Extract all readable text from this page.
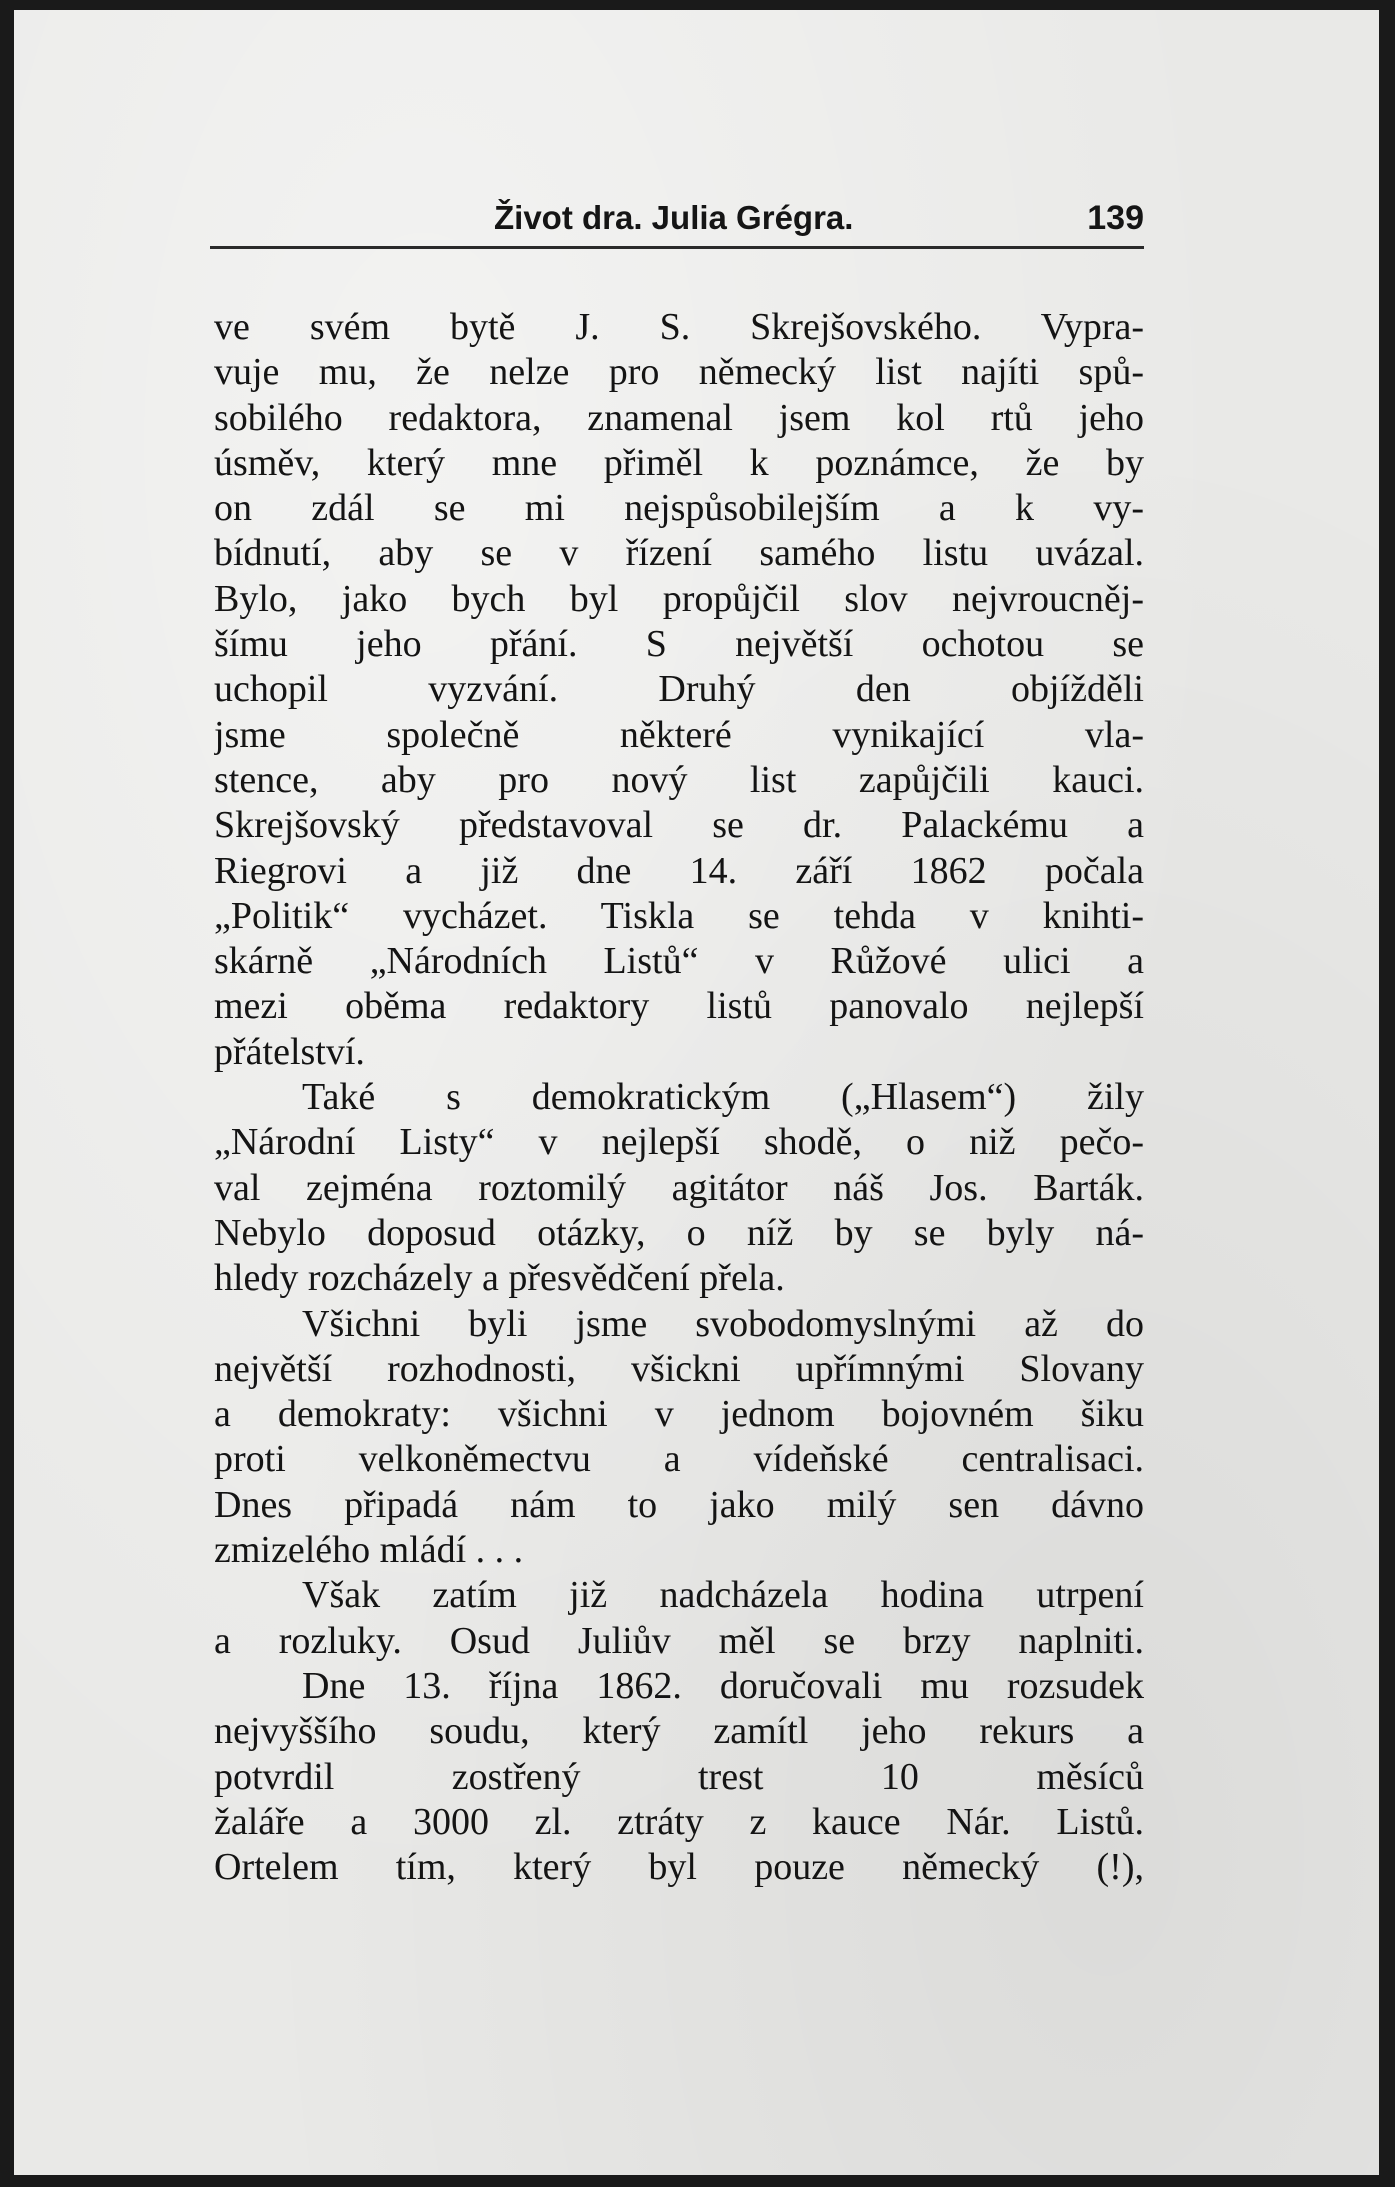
Život dra. Julia Grégra.	139
ve svém bytě J. S. Skrejšovského. Vypra-
vuje mu, že nelze pro německý list najíti spů-
sobilého redaktora, znamenal jsem kol rtů jeho
úsměv, který mne přiměl k poznámce, že by
on zdál se mi nejspůsobilejším a k vy-
bídnutí, aby se v řízení samého listu uvázal.
Bylo, jako bych byl propůjčil slov nejvroucněj-
šímu jeho přání. S největší ochotou se
uchopil vyzvání. Druhý den objížděli
jsme společně některé vynikající vla-
stence, aby pro nový list zapůjčili kauci.
Skrejšovský představoval se dr. Palackému a
Riegrovi a již dne 14. září 1862 počala
„Politik“ vycházet. Tiskla se tehda v knihti-
skárně „Národních Listů“ v Růžové ulici a
mezi oběma redaktory listů panovalo nejlepší
přátelství.
Také s demokratickým („Hlasem“) žily
„Národní Listy“ v nejlepší shodě, o niž pečo-
val zejména roztomilý agitátor náš Jos. Barták.
Nebylo doposud otázky, o níž by se byly ná-
hledy rozcházely a přesvědčení přela.
Všichni byli jsme svobodomyslnými až do
největší rozhodnosti, všickni upřímnými Slovany
a demokraty: všichni v jednom bojovném šiku
proti velkoněmectvu a vídeňské centralisaci.
Dnes připadá nám to jako milý sen dávno
zmizelého mládí . . .
Však zatím již nadcházela hodina utrpení
a rozluky. Osud Juliův měl se brzy naplniti.
Dne 13. října 1862. doručovali mu rozsudek
nejvyššího soudu, který zamítl jeho rekurs a
potvrdil zostřený trest 10 měsíců
žaláře a 3000 zl. ztráty z kauce Nár. Listů.
Ortelem tím, který byl pouze německý (!),
